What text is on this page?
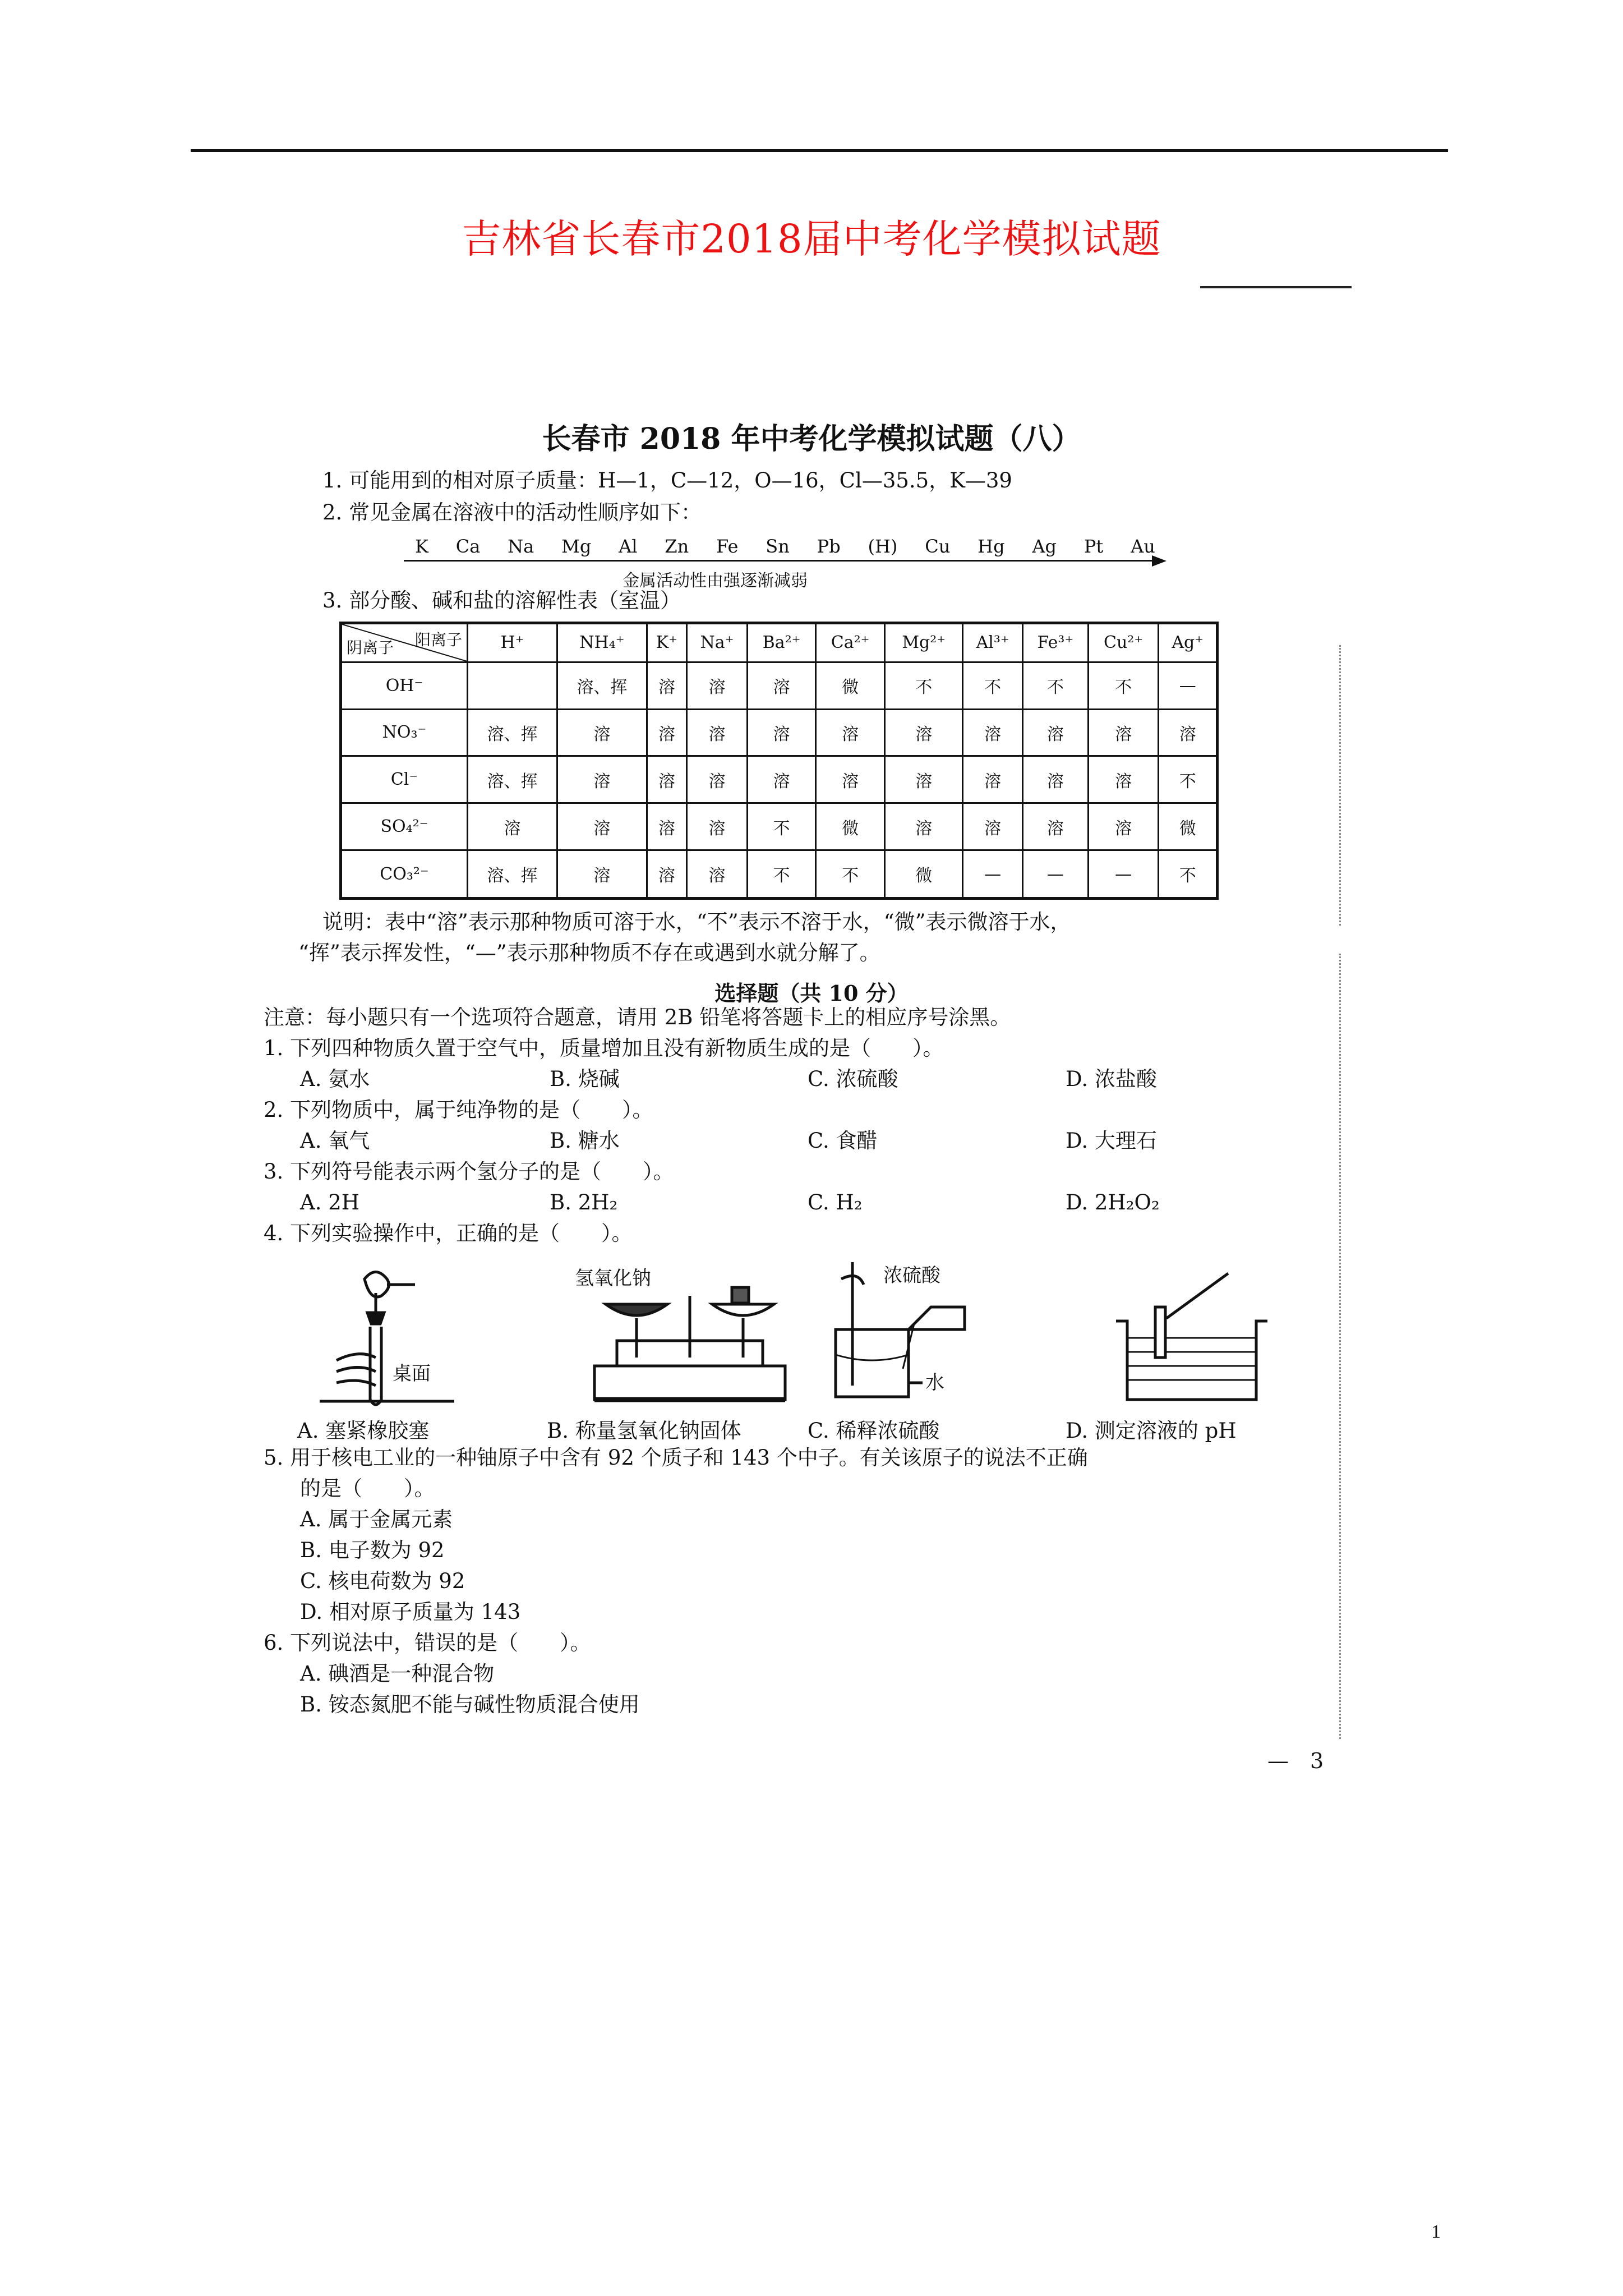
吉林省长春市2018届中考化学模拟试题
长春市 2018 年中考化学模拟试题（八）
1. 可能用到的相对原子质量：H—1，C—12，O—16，Cl—35.5，K—39
2. 常见金属在溶液中的活动性顺序如下：
K Ca Na Mg Al Zn Fe Sn Pb (H) Cu Hg Ag Pt Au
金属活动性由强逐渐减弱
3. 部分酸、碱和盐的溶解性表（室温）
阳离子
阴离子	H⁺	NH₄⁺	K⁺	Na⁺	Ba²⁺	Ca²⁺	Mg²⁺	Al³⁺	Fe³⁺	Cu²⁺	Ag⁺
OH⁻		溶、挥	溶	溶	溶	微	不	不	不	不	—
NO₃⁻	溶、挥	溶	溶	溶	溶	溶	溶	溶	溶	溶	溶
Cl⁻	溶、挥	溶	溶	溶	溶	溶	溶	溶	溶	溶	不
SO₄²⁻	溶	溶	溶	溶	不	微	溶	溶	溶	溶	微
CO₃²⁻	溶、挥	溶	溶	溶	不	不	微	—	—	—	不
说明：表中“溶”表示那种物质可溶于水，“不”表示不溶于水，“微”表示微溶于水，
“挥”表示挥发性，“—”表示那种物质不存在或遇到水就分解了。
选择题（共 10 分）
注意：每小题只有一个选项符合题意，请用 2B 铅笔将答题卡上的相应序号涂黑。
1. 下列四种物质久置于空气中，质量增加且没有新物质生成的是（　　）。
A. 氨水	B. 烧碱	C. 浓硫酸	D. 浓盐酸
2. 下列物质中，属于纯净物的是（　　）。
A. 氧气	B. 糖水	C. 食醋	D. 大理石
3. 下列符号能表示两个氢分子的是（　　）。
A. 2H	B. 2H₂	C. H₂	D. 2H₂O₂
4. 下列实验操作中，正确的是（　　）。
桌面
氢氧化钠	浓硫酸
水
A. 塞紧橡胶塞	B. 称量氢氧化钠固体	C. 稀释浓硫酸	D. 测定溶液的 pH
5. 用于核电工业的一种铀原子中含有 92 个质子和 143 个中子。有关该原子的说法不正确
的是（　　）。
A. 属于金属元素
B. 电子数为 92
C. 核电荷数为 92
D. 相对原子质量为 143
6. 下列说法中，错误的是（　　）。
A. 碘酒是一种混合物
B. 铵态氮肥不能与碱性物质混合使用
—　3
1
